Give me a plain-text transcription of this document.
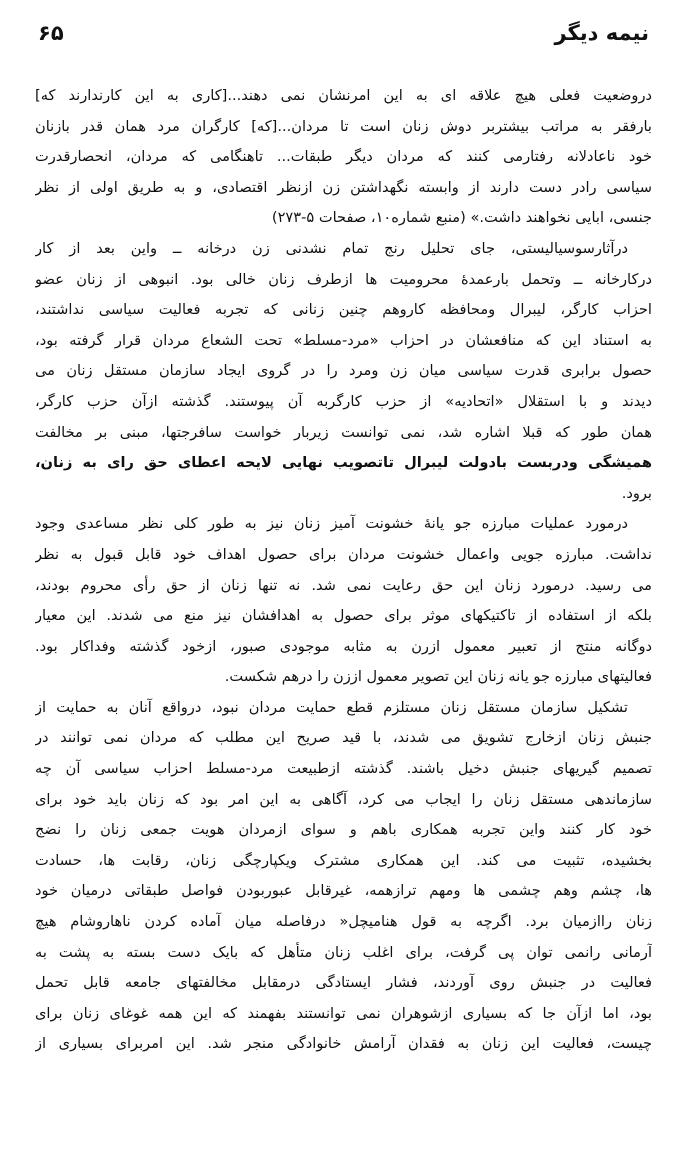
نیمه دیگر
۶۵
دروضعیت فعلی هیچ علاقه ای به این امرنشان نمی دهند...[کاری به این کارندارند که]
بارفقر به مراتب بیشتربر دوش زنان است تا مردان...[که] کارگران مرد همان قدر بازنان
خود ناعادلانه رفتارمی کنند که مردان دیگر طبقات... تاهنگامی که مردان، انحصارقدرت
سیاسی رادر دست دارند از وابسته نگهداشتن زن ازنظر اقتصادی، و به طریق اولی از نظر
جنسی، ابایی نخواهند داشت.» (منبع شماره۱۰، صفحات ۵-۲۷۳)
درآثارسوسیالیستی، جای تحلیل رنج تمام نشدنی زن درخانه ــ واین بعد از کار
درکارخانه ــ وتحمل بارعمدهٔ محرومیت ها ازطرف زنان خالی بود. انبوهی از زنان عضو
احزاب کارگر، لیبرال ومحافظه کاروهم چنین زنانی که تجربه فعالیت سیاسی نداشتند،
به استناد این که منافعشان در احزاب «مرد-مسلط» تحت الشعاع مردان قرار گرفته بود،
حصول برابری قدرت سیاسی میان زن ومرد را در گروی ایجاد سازمان مستقل زنان می
دیدند و با استقلال «اتحادیه» از حزب کارگربه آن پیوستند. گذشته ازآن حزب کارگر،
همان طور که قبلا اشاره شد، نمی توانست زیربار خواست سافرجتها، مبنی بر مخالفت
همیشگی ودربست بادولت لیبرال تاتصویب نهایی لایحه اعطای حق رای به زنان،
برود.
درمورد عملیات مبارزه جو یانهٔ خشونت آمیز زنان نیز به طور کلی نظر مساعدی وجود
نداشت. مبارزه جویی واعمال خشونت مردان برای حصول اهداف خود قابل قبول به نظر
می رسید. درمورد زنان این حق رعایت نمی شد. نه تنها زنان از حق رأی محروم بودند،
بلکه از استفاده از تاکتیکهای موثر برای حصول به اهدافشان نیز منع می شدند. این معیار
دوگانه منتج از تعبیر معمول ازرن به مثابه موجودی صبور، ازخود گذشته وفداکار بود.
فعالیتهای مبارزه جو یانه زنان این تصویر معمول اززن را درهم شکست.
تشکیل سازمان مستقل زنان مستلزم قطع حمایت مردان نبود، درواقع آنان به حمایت از
جنبش زنان ازخارج تشویق می شدند، با قید صریح این مطلب که مردان نمی توانند در
تصمیم گیریهای جنبش دخیل باشند. گذشته ازطبیعت مرد-مسلط احزاب سیاسی آن چه
سازماندهی مستقل زنان را ایجاب می کرد، آگاهی به این امر بود که زنان باید خود برای
خود کار کنند واین تجربه همکاری باهم و سوای ازمردان هویت جمعی زنان را نضج
بخشیده، تثبیت می کند. این همکاری مشترک ویکپارچگی زنان، رقابت ها، حسادت
ها، چشم وهم چشمی ها ومهم ترازهمه، غیرقابل عبوربودن فواصل طبقاتی درمیان خود
زنان راازمیان برد. اگرچه به قول هنامیچل« درفاصله میان آماده کردن ناهاروشام هیچ
آرمانی رانمی توان پی گرفت، برای اغلب زنان متأهل که بایک دست بسته به پشت به
فعالیت در جنبش روی آوردند، فشار ایستادگی درمقابل مخالفتهای جامعه قابل تحمل
بود، اما ازآن جا که بسیاری ازشوهران نمی توانستند بفهمند که این همه غوغای زنان برای
چیست، فعالیت این زنان به فقدان آرامش خانوادگی منجر شد. این امربرای بسیاری از
